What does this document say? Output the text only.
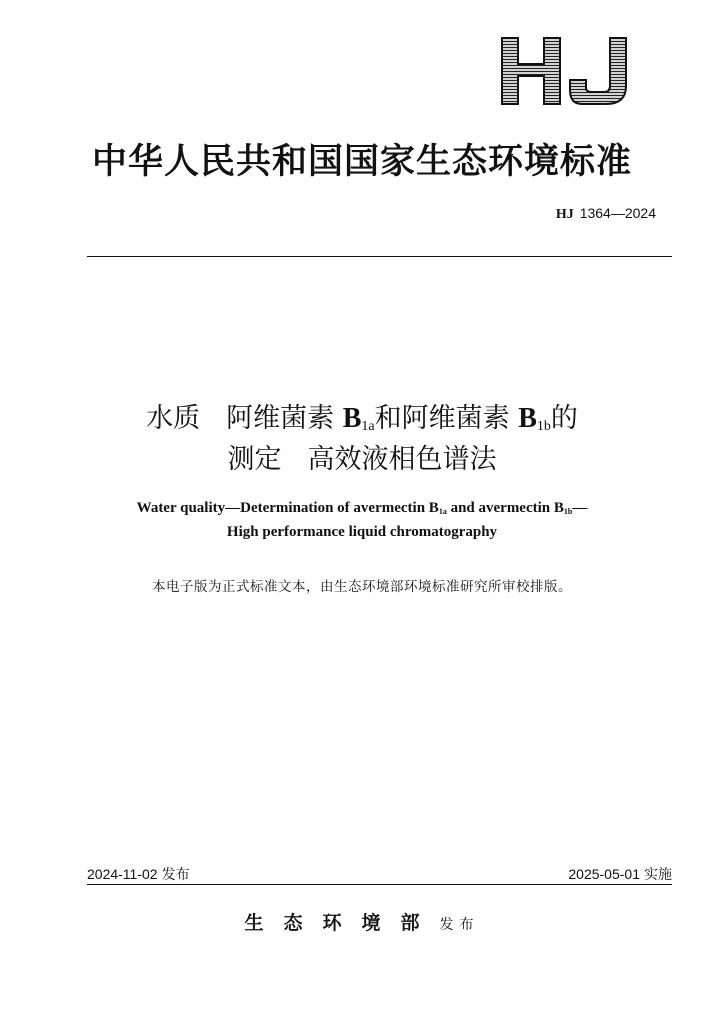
中华人民共和国国家生态环境标准
HJ 1364—2024
水质 阿维菌素 $B_{1a}$和阿维菌素 $B_{1b}$的
测定 高效液相色谱法
Water quality—Determination of avermectin $B_{1a}$ and avermectin $B_{1b}—$
High performance liquid chromatography
本电子版为正式标准文本，由生态环境部环境标准研究所审校排版。
2024-11-02 发布	2025-05-01 实施
生态环境部发布
